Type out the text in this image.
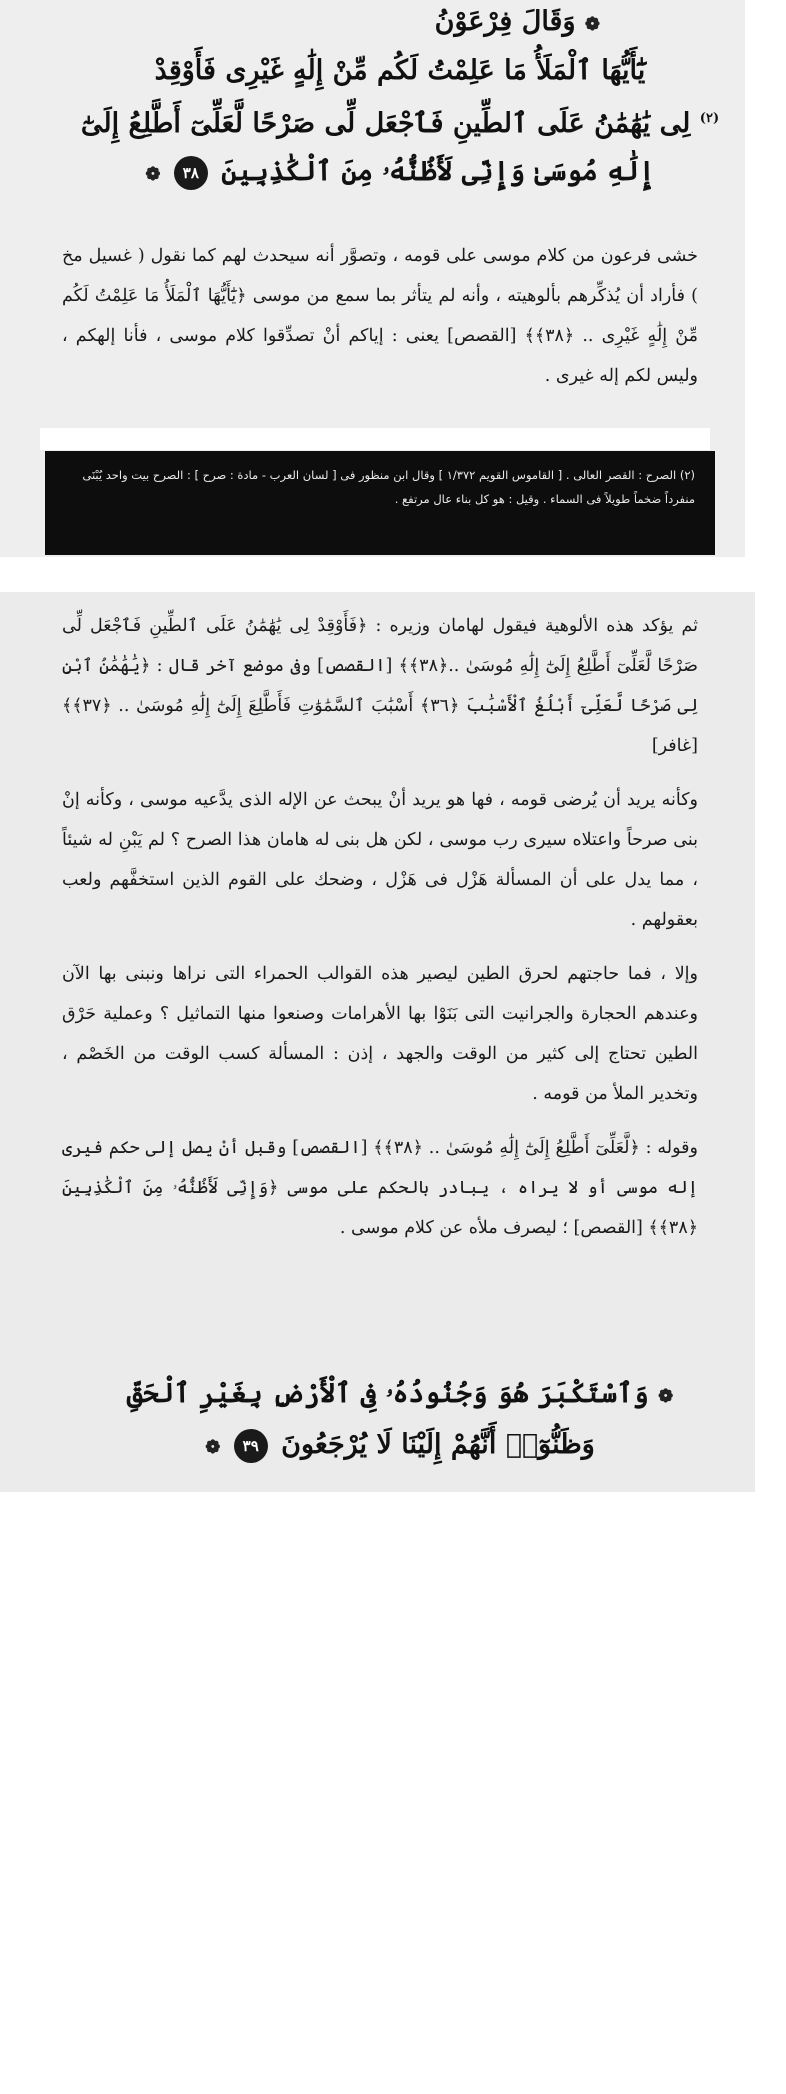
❁ وَقَالَ فِرْعَوْنُ
يَٰٓأَيُّهَا ٱلْمَلَأُ مَا عَلِمْتُ لَكُم مِّنْ إِلَٰهٍ غَيْرِى فَأَوْقِدْ
$^{(٢)}$ لِى يَٰهَٰمَٰنُ عَلَى ٱلطِّينِ فَٱجْعَل لِّى صَرْحًا لَّعَلِّىٓ أَطَّلِعُ إِلَىٰٓ
إِلَٰهِ مُوسَىٰ وَإِنِّى لَأَظُنُّهُۥ مِنَ ٱلْكَٰذِبِينَ ٣٨ ❁

خشى فرعون من كلام موسى على قومه ، وتصوَّر أنه سيحدث لهم كما نقول ( غسيل مخ ) فأراد أن يُذكِّرهم بألوهيته ، وأنه لم يتأثر بما سمع من موسى ﴿يَٰٓأَيُّهَا ٱلْمَلَأُ مَا عَلِمْتُ لَكُم مِّنْ إِلَٰهٍ غَيْرِى .. ﴿٣٨﴾﴾ [القصص] يعنى : إياكم أنْ تصدِّقوا كلام موسى ، فأنا إلهكم ، وليس لكم إله غيرى .

(٢) الصرح : القصر العالى . [ القاموس القويم ١/٣٧٢ ] وقال ابن منظور فى [ لسان العرب - مادة : صرح ] : الصرح بيت واحد يُبْنَى منفرداً ضخماً طويلاً فى السماء . وقيل : هو كل بناء عال مرتفع .

ثم يؤكد هذه الألوهية فيقول لهامان وزيره : ﴿فَأَوْقِدْ لِى يَٰهَٰمَٰنُ عَلَى ٱلطِّينِ فَٱجْعَل لِّى صَرْحًا لَّعَلِّىٓ أَطَّلِعُ إِلَىٰٓ إِلَٰهِ مُوسَىٰ ..﴿٣٨﴾﴾ [القصص] وفى موضع آخر قال : ﴿يَٰهَٰمَٰنُ ٱبْنِ لِى صَرْحًا لَّعَلِّىٓ أَبْلُغُ ٱلْأَسْبَٰبَ ﴿٣٦﴾ أَسْبَٰبَ ٱلسَّمَٰوَٰتِ فَأَطَّلِعَ إِلَىٰٓ إِلَٰهِ مُوسَىٰ .. ﴿٣٧﴾﴾ [غافر]

وكأنه يريد أن يُرضى قومه ، فها هو يريد أنْ يبحث عن الإله الذى يدَّعيه موسى ، وكأنه إنْ بنى صرحاً واعتلاه سيرى رب موسى ، لكن هل بنى له هامان هذا الصرح ؟ لم يَبْنِ له شيئاً ، مما يدل على أن المسألة هَزْل فى هَزْل ، وضحك على القوم الذين استخفَّهم ولعب بعقولهم .

وإلا ، فما حاجتهم لحرق الطين ليصير هذه القوالب الحمراء التى نراها ونبنى بها الآن وعندهم الحجارة والجرانيت التى بَنَوْا بها الأهرامات وصنعوا منها التماثيل ؟ وعملية حَرْق الطين تحتاج إلى كثير من الوقت والجهد ، إذن : المسألة كسب الوقت من الخَصْم ، وتخدير الملأ من قومه .

وقوله : ﴿لَّعَلِّىٓ أَطَّلِعُ إِلَىٰٓ إِلَٰهِ مُوسَىٰ .. ﴿٣٨﴾﴾ [القصص] وقبل أنْ يصل إلى حكم فيرى إله موسى أو لا يراه ، يبادر بالحكم على موسى ﴿وَإِنِّى لَأَظُنُّهُۥ مِنَ ٱلْكَٰذِبِينَ ﴿٣٨﴾﴾ [القصص] ؛ ليصرف ملأه عن كلام موسى .

❁ وَٱسْتَكْبَرَ هُوَ وَجُنُودُهُۥ فِى ٱلْأَرْضِ بِغَيْرِ ٱلْحَقِّ
وَظَنُّوٓا۟ أَنَّهُمْ إِلَيْنَا لَا يُرْجَعُونَ ٣٩ ❁
